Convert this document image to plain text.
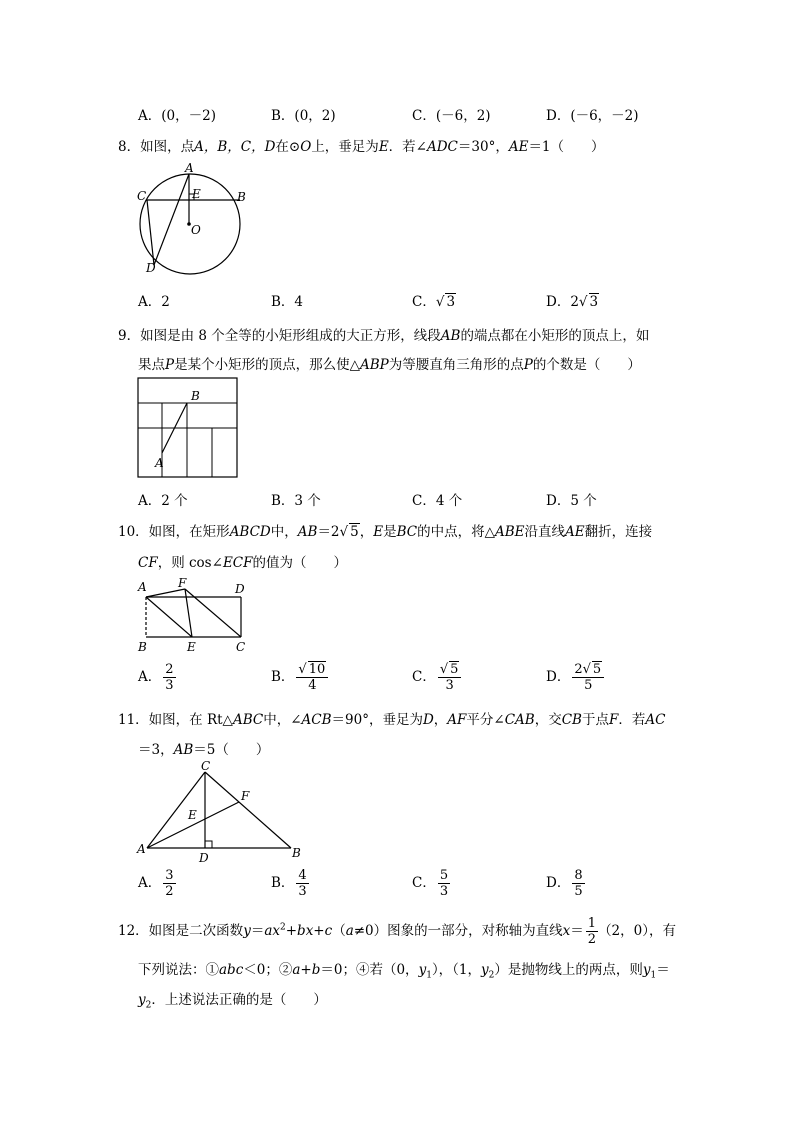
A．(0，－2)	B．(0，2)	C．(－6，2)	D．(－6，－2)
8．如图，点A，B，C，D在⊙O上，垂足为E．若∠ADC＝30°，AE＝1（　　）
A
B
C
D
E
O
A．2	B．4	C．√ 3	D．2√ 3
9．如图是由 8 个全等的小矩形组成的大正方形，线段AB的端点都在小矩形的顶点上，如
果点P是某个小矩形的顶点，那么使△ABP为等腰直角三角形的点P的个数是（　　）
B
A
A．2 个	B．3 个	C．4 个	D．5 个
10．如图，在矩形ABCD中，AB＝2√ 5，E是BC的中点，将△ABE沿直线AE翻折，连接
CF，则 cos∠ECF的值为（　　）
A	F	D
B	E	C
A． $\frac{2}{3}$	B． $\frac{√ 10}{4}$	C． $\frac{√ 5}{3}$	D． $\frac{2√ 5}{5}$
11．如图，在 Rt△ABC中，∠ACB＝90°，垂足为D，AF平分∠CAB，交CB于点F．若AC
＝3，AB＝5（　　）
C
F
E
A
D	B
A． $\frac{3}{2}$	B． $\frac{4}{3}$	C． $\frac{5}{3}$	D． $\frac{8}{5}$
12．如图是二次函数$y=ax^2+bx+c(a\ne 0)$图象的一部分，对称轴为直线$x= \frac{1}{2} (2$，0），有
下列说法：①abc＜0；②a+b＝0；④若（0，$y_1$），（1，$y_2$）是抛物线上的两点，则$y_1=$
$y_2$．上述说法正确的是（　　）
